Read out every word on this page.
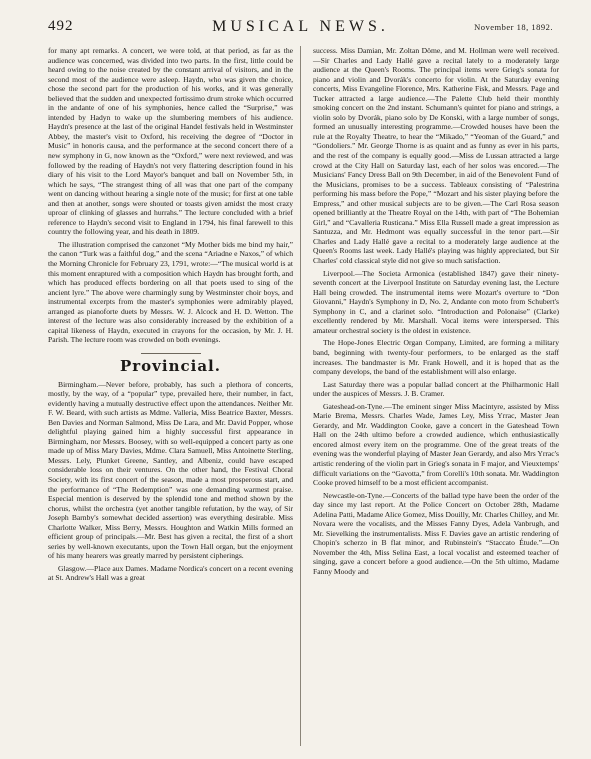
492	MUSICAL NEWS.	November 18, 1892.

for many apt remarks. A concert, we were told, at that period, as far as the audience was concerned, was divided into two parts. In the first, little could be heard owing to the noise created by the constant arrival of visitors, and in the second most of the audience were asleep. Haydn, who was given the choice, chose the second part for the production of his works, and it was generally believed that the sudden and unexpected fortissimo drum stroke which occurred in the andante of one of his symphonies, hence called the “Surprise,” was intended by Hadyn to wake up the slumbering members of his audience. Haydn's presence at the last of the original Handel festivals held in Westminster Abbey, the master's visit to Oxford, his receiving the degree of “Doctor in Music” in honoris causa, and the performance at the second concert there of a new symphony in G, now known as the “Oxford,” were next reviewed, and was followed by the reading of Haydn's not very flattering description found in his diary of his visit to the Lord Mayor's banquet and ball on November 5th, in which he says, “The strangest thing of all was that one part of the company went on dancing without hearing a single note of the music; for first at one table and then at another, songs were shouted or toasts given amidst the most crazy uproar of clinking of glasses and hurrahs.” The lecture concluded with a brief reference to Haydn's second visit to England in 1794, his final farewell to this country the following year, and his death in 1809.

The illustration comprised the canzonet “My Mother bids me bind my hair,” the canon “Turk was a faithful dog,” and the scena “Ariadne e Naxos,” of which the Morning Chronicle for February 23, 1791, wrote:—“The musical world is at this moment enraptured with a composition which Haydn has brought forth, and which has produced effects bordering on all that poets used to sing of the ancient lyre.” The above were charmingly sung by Westminster choir boys, and instrumental excerpts from the master's symphonies were admirably played, arranged as pianoforte duets by Messrs. W. J. Alcock and H. D. Wetton. The interest of the lecture was also considerably increased by the exhibition of a capital likeness of Haydn, executed in crayons for the occasion, by Mr. J. H. Parish. The lecture room was crowded on both evenings.

Provincial.

Birmingham.—Never before, probably, has such a plethora of concerts, mostly, by the way, of a “popular” type, prevailed here, their number, in fact, evidently having a mutually destructive effect upon the attendances. Neither Mr. F. W. Beard, with such artists as Mdme. Valleria, Miss Beatrice Baxter, Messrs. Ben Davies and Norman Salmond, Miss De Lara, and Mr. David Popper, whose delightful playing gained him a highly successful first appearance in Birmingham, nor Messrs. Boosey, with so well-equipped a concert party as one made up of Miss Mary Davies, Mdme. Clara Samuell, Miss Antoinette Sterling, Messrs. Lely, Plunket Greene, Santley, and Albeniz, could have escaped considerable loss on their ventures. On the other hand, the Festival Choral Society, with its first concert of the season, made a most prosperous start, and the performance of “The Redemption” was one demanding warmest praise. Especial mention is deserved by the splendid tone and method shown by the chorus, whilst the orchestra (yet another tangible refutation, by the way, of Sir Joseph Barnby's somewhat decided assertion) was everything desirable. Miss Charlotte Walker, Miss Berry, Messrs. Houghton and Watkin Mills formed an efficient group of principals.—Mr. Best has given a recital, the first of a short series by well-known executants, upon the Town Hall organ, but the enjoyment of his many hearers was greatly marred by persistent cipherings.

Glasgow.—Place aux Dames. Madame Nordica's concert on a recent evening at St. Andrew's Hall was a great

success. Miss Damian, Mr. Zoltan Döme, and M. Hollman were well received.—Sir Charles and Lady Hallé gave a recital lately to a moderately large audience at the Queen's Rooms. The principal items were Grieg's sonata for piano and violin and Dvorák's concerto for violin. At the Saturday evening concerts, Miss Evangeline Florence, Mrs. Katherine Fisk, and Messrs. Page and Tucker attracted a large audience.—The Palette Club held their monthly smoking concert on the 2nd instant. Schumann's quintet for piano and strings, a violin solo by Dvorák, piano solo by De Konski, with a large number of songs, formed an unusually interesting programme.—Crowded houses have been the rule at the Royalty Theatre, to hear the “Mikado,” “Yeoman of the Guard,” and “Gondoliers.” Mr. George Thorne is as quaint and as funny as ever in his parts, and the rest of the company is equally good.—Miss de Lussan attracted a large crowd at the City Hall on Saturday last, each of her solos was encored.—The Musicians' Fancy Dress Ball on 9th December, in aid of the Benevolent Fund of the Musicians, promises to be a success. Tableaux consisting of “Palestrina performing his mass before the Pope,” “Mozart and his sister playing before the Empress,” and other musical subjects are to be given.—The Carl Rosa season opened brilliantly at the Theatre Royal on the 14th, with part of “The Bohemian Girl,” and “Cavalleria Rusticana.” Miss Ella Russell made a great impression as Santuzza, and Mr. Hedmont was equally successful in the tenor part.—Sir Charles and Lady Hallé gave a recital to a moderately large audience at the Queen's Rooms last week. Lady Hallé's playing was highly appreciated, but Sir Charles' cold classical style did not give so much satisfaction.

Liverpool.—The Societa Armonica (established 1847) gave their ninety-seventh concert at the Liverpool Institute on Saturday evening last, the Lecture Hall being crowded. The instrumental items were Mozart's overture to “Don Giovanni,” Haydn's Symphony in D, No. 2, Andante con moto from Schubert's Symphony in C, and a clarinet solo. “Introduction and Polonaise” (Clarke) excellently rendered by Mr. Marshall. Vocal items were interspersed. This amateur orchestral society is the oldest in existence.

The Hope-Jones Electric Organ Company, Limited, are forming a military band, beginning with twenty-four performers, to be enlarged as the staff increases. The bandmaster is Mr. Frank Howell, and it is hoped that as the company develops, the band of the establishment will also enlarge.

Last Saturday there was a popular ballad concert at the Philharmonic Hall under the auspices of Messrs. J. B. Cramer.

Gateshead-on-Tyne.—The eminent singer Miss Macintyre, assisted by Miss Marie Brema, Messrs. Charles Wade, James Ley, Miss Yrrac, Master Jean Gerardy, and Mr. Waddington Cooke, gave a concert in the Gateshead Town Hall on the 24th ultimo before a crowded audience, which enthusiastically encored almost every item on the programme. One of the great treats of the evening was the wonderful playing of Master Jean Gerardy, and also Mrs Yrrac's artistic rendering of the violin part in Grieg's sonata in F major, and Vieuxtemps' difficult variations on the “Gavotta,” from Corelli's 10th sonata. Mr. Waddington Cooke proved himself to be a most efficient accompanist.

Newcastle-on-Tyne.—Concerts of the ballad type have been the order of the day since my last report. At the Police Concert on October 28th, Madame Adelina Patti, Madame Alice Gomez, Miss Douilly, Mr. Charles Chilley, and Mr. Novara were the vocalists, and the Misses Fanny Dyes, Adela Vanbrugh, and Mr. Sievelking the instrumentalists. Miss F. Davies gave an artistic rendering of Chopin's scherzo in B flat minor, and Rubinstein's “Staccato Étude.”—On November the 4th, Miss Selina East, a local vocalist and esteemed teacher of singing, gave a concert before a good audience.—On the 5th ultimo, Madame Fanny Moody and
